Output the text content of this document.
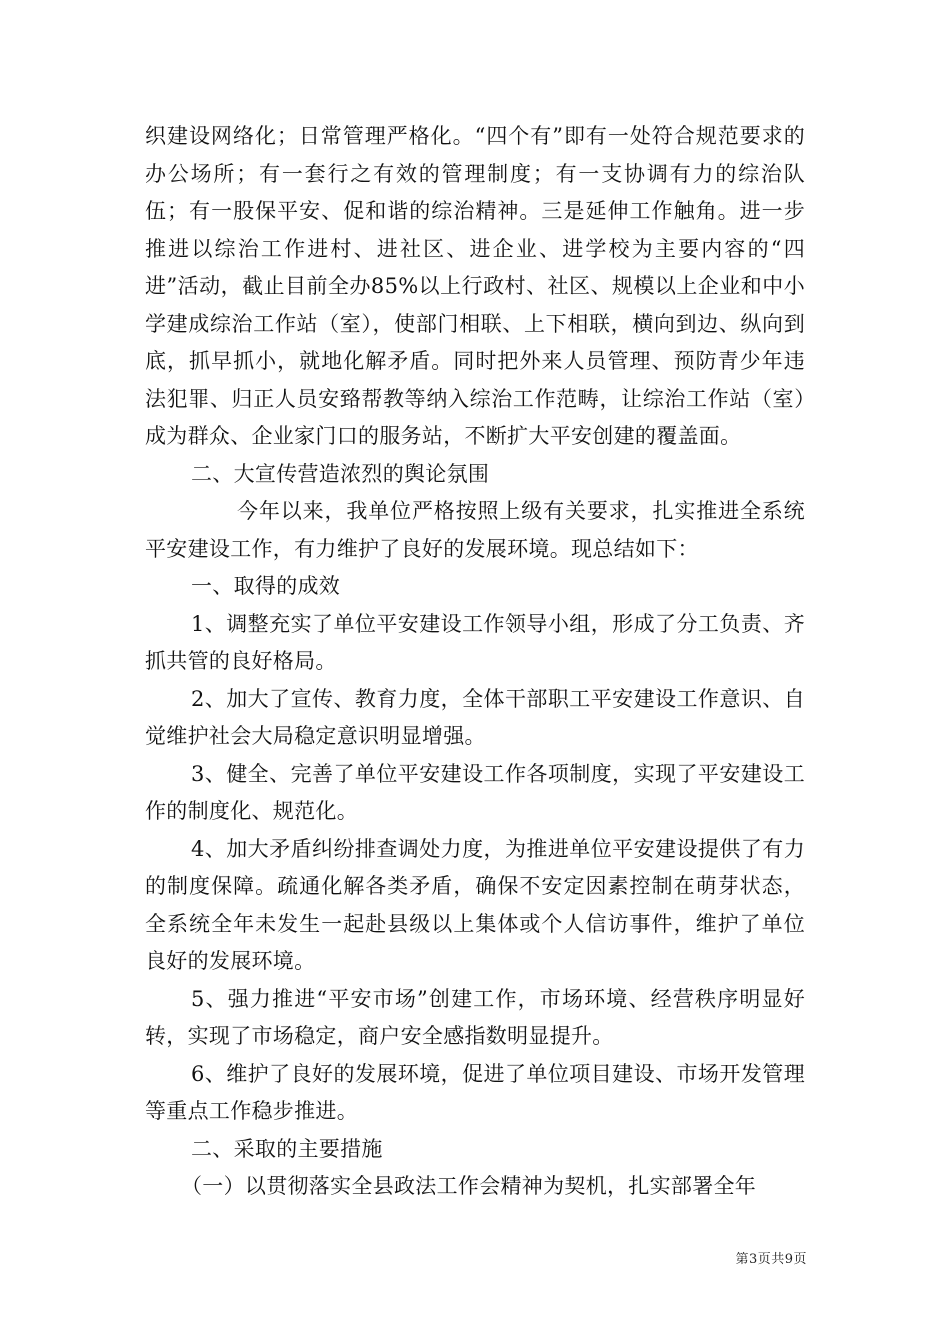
织建设网络化；日常管理严格化。“四个有”即有一处符合规范要求的办公场所；有一套行之有效的管理制度；有一支协调有力的综治队伍；有一股保平安、促和谐的综治精神。三是延伸工作触角。进一步推进以综治工作进村、进社区、进企业、进学校为主要内容的“四进”活动，截止目前全办85%以上行政村、社区、规模以上企业和中小学建成综治工作站（室），使部门相联、上下相联，横向到边、纵向到底，抓早抓小，就地化解矛盾。同时把外来人员管理、预防青少年违法犯罪、归正人员安臵帮教等纳入综治工作范畴，让综治工作站（室）成为群众、企业家门口的服务站，不断扩大平安创建的覆盖面。

二、大宣传营造浓烈的舆论氛围

今年以来，我单位严格按照上级有关要求，扎实推进全系统平安建设工作，有力维护了良好的发展环境。现总结如下：

一、取得的成效

1、调整充实了单位平安建设工作领导小组，形成了分工负责、齐抓共管的良好格局。

2、加大了宣传、教育力度，全体干部职工平安建设工作意识、自觉维护社会大局稳定意识明显增强。

3、健全、完善了单位平安建设工作各项制度，实现了平安建设工作的制度化、规范化。

4、加大矛盾纠纷排查调处力度，为推进单位平安建设提供了有力的制度保障。疏通化解各类矛盾，确保不安定因素控制在萌芽状态，全系统全年未发生一起赴县级以上集体或个人信访事件，维护了单位良好的发展环境。

5、强力推进“平安市场”创建工作，市场环境、经营秩序明显好转，实现了市场稳定，商户安全感指数明显提升。

6、维护了良好的发展环境，促进了单位项目建设、市场开发管理等重点工作稳步推进。

二、采取的主要措施

（一）以贯彻落实全县政法工作会精神为契机，扎实部署全年

第3页共9页
